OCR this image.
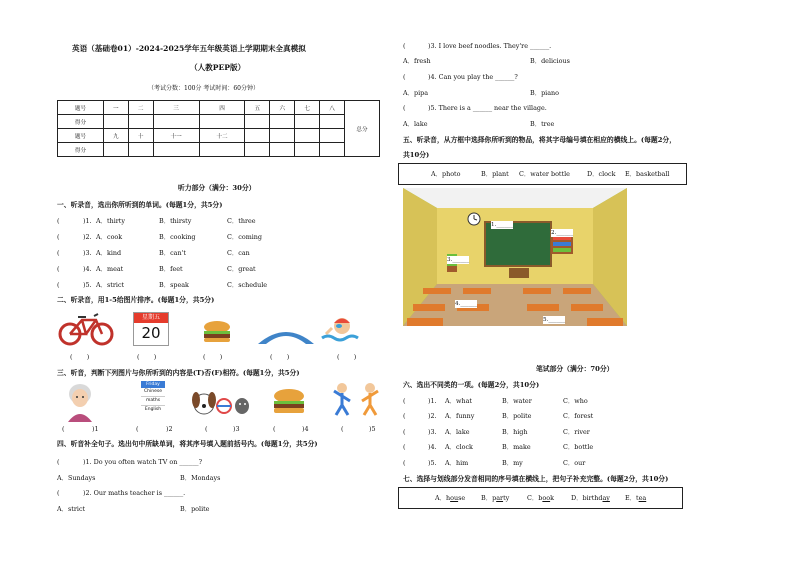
英语（基础卷01）-2024-2025学年五年级英语上学期期末全真模拟
（人教PEP版）
（考试分数：100分 考试时间：60分钟）
题号	一	二	三	四	五	六	七	八	总分
得分									
题号	九	十	十一	十二					
得分									
听力部分（满分：30分）
一、听录音，选出你所听到的单词。(每题1分，共5分)
(	)1. A．thirty	B．thirsty	C．three
(	)2. A．cook	B．cooking	C．coming
(	)3. A．kind	B．can't	C．can
(	)4. A．meat	B．feet	C．great
(	)5. A．strict	B．speak	C．schedule
二、听录音，用1-5给图片排序。(每题1分，共5分)
星期五
20
(       )	(       )	(       )	(       )	(       )
三、听音，判断下列图片与你所听到的内容是(T)否(F)相符。(每题1分，共5分)
Friday
Chinese
maths
English
(	)1	(	)2	(	)3	(	)4	(	)5
四、听音补全句子。选出句中所缺单词，将其序号填入题前括号内。(每题1分，共5分)
(	)1. Do you often watch TV on ______?
A．Sundays	B．Mondays
(	)2. Our maths teacher is ______.
A．strict	B．polite
(	)3. I love beef noodles. They're ______.
A．fresh	B．delicious
(	)4. Can you play the ______?
A．pipa	B．piano
(	)5. There is a ______ near the village.
A．lake	B．tree
五、听录音，从方框中选择你所听到的物品，将其字母编号填在相应的横线上。(每题2分，
共10分)
A．photo	B．plant C．water bottle	D．clock E．basketball
1.______
2.______
3.______
4.______
5.______
笔试部分（满分：70分）
六、选出不同类的一项。(每题2分，共10分)
(	)1. A．what	B．water	C．who
(	)2. A．funny	B．polite	C．forest
(	)3. A．lake	B．high	C．river
(	)4. A．clock	B．make	C．bottle
(	)5. A．him	B．my	C．our
七、选择与划线部分发音相同的序号填在横线上，把句子补充完整。(每题2分，共10分)
A．house B．party	C．book	D．birthday E．tea
